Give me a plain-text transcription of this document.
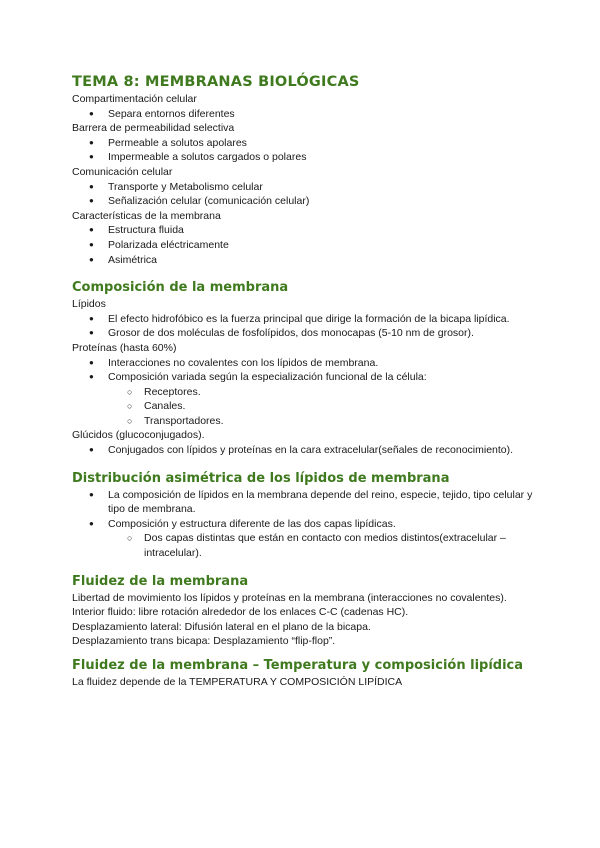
TEMA 8: MEMBRANAS BIOLÓGICAS

Compartimentación celular

● Separa entornos diferentes

Barrera de permeabilidad selectiva

● Permeable a solutos apolares
● Impermeable a solutos cargados o polares

Comunicación celular

● Transporte y Metabolismo celular
● Señalización celular (comunicación celular)

Características de la membrana

● Estructura fluida
● Polarizada eléctricamente
● Asimétrica
Composición de la membrana

Lípidos

● El efecto hidrofóbico es la fuerza principal que dirige la formación de la bicapa lipídica.
● Grosor de dos moléculas de fosfolípidos, dos monocapas (5-10 nm de grosor).

Proteínas (hasta 60%)

● Interacciones no covalentes con los lípidos de membrana.
● Composición variada según la especialización funcional de la célula:
○ Receptores.
○ Canales.
○ Transportadores.

Glúcidos (glucoconjugados).

● Conjugados con lípidos y proteínas en la cara extracelular(señales de reconocimiento).
Distribución asimétrica de los lípidos de membrana
● La composición de lípidos en la membrana depende del reino, especie, tejido, tipo celular y tipo de membrana.
● Composición y estructura diferente de las dos capas lipídicas.
○ Dos capas distintas que están en contacto con medios distintos(extracelular – intracelular).
Fluidez de la membrana

Libertad de movimiento los lípidos y proteínas en la membrana (interacciones no covalentes). Interior fluido: libre rotación alrededor de los enlaces C-C (cadenas HC).

Desplazamiento lateral: Difusión lateral en el plano de la bicapa.

Desplazamiento trans bicapa: Desplazamiento “flip-flop”.

Fluidez de la membrana – Temperatura y composición lipídica

La fluidez depende de la TEMPERATURA Y COMPOSICIÓN LIPÍDICA
